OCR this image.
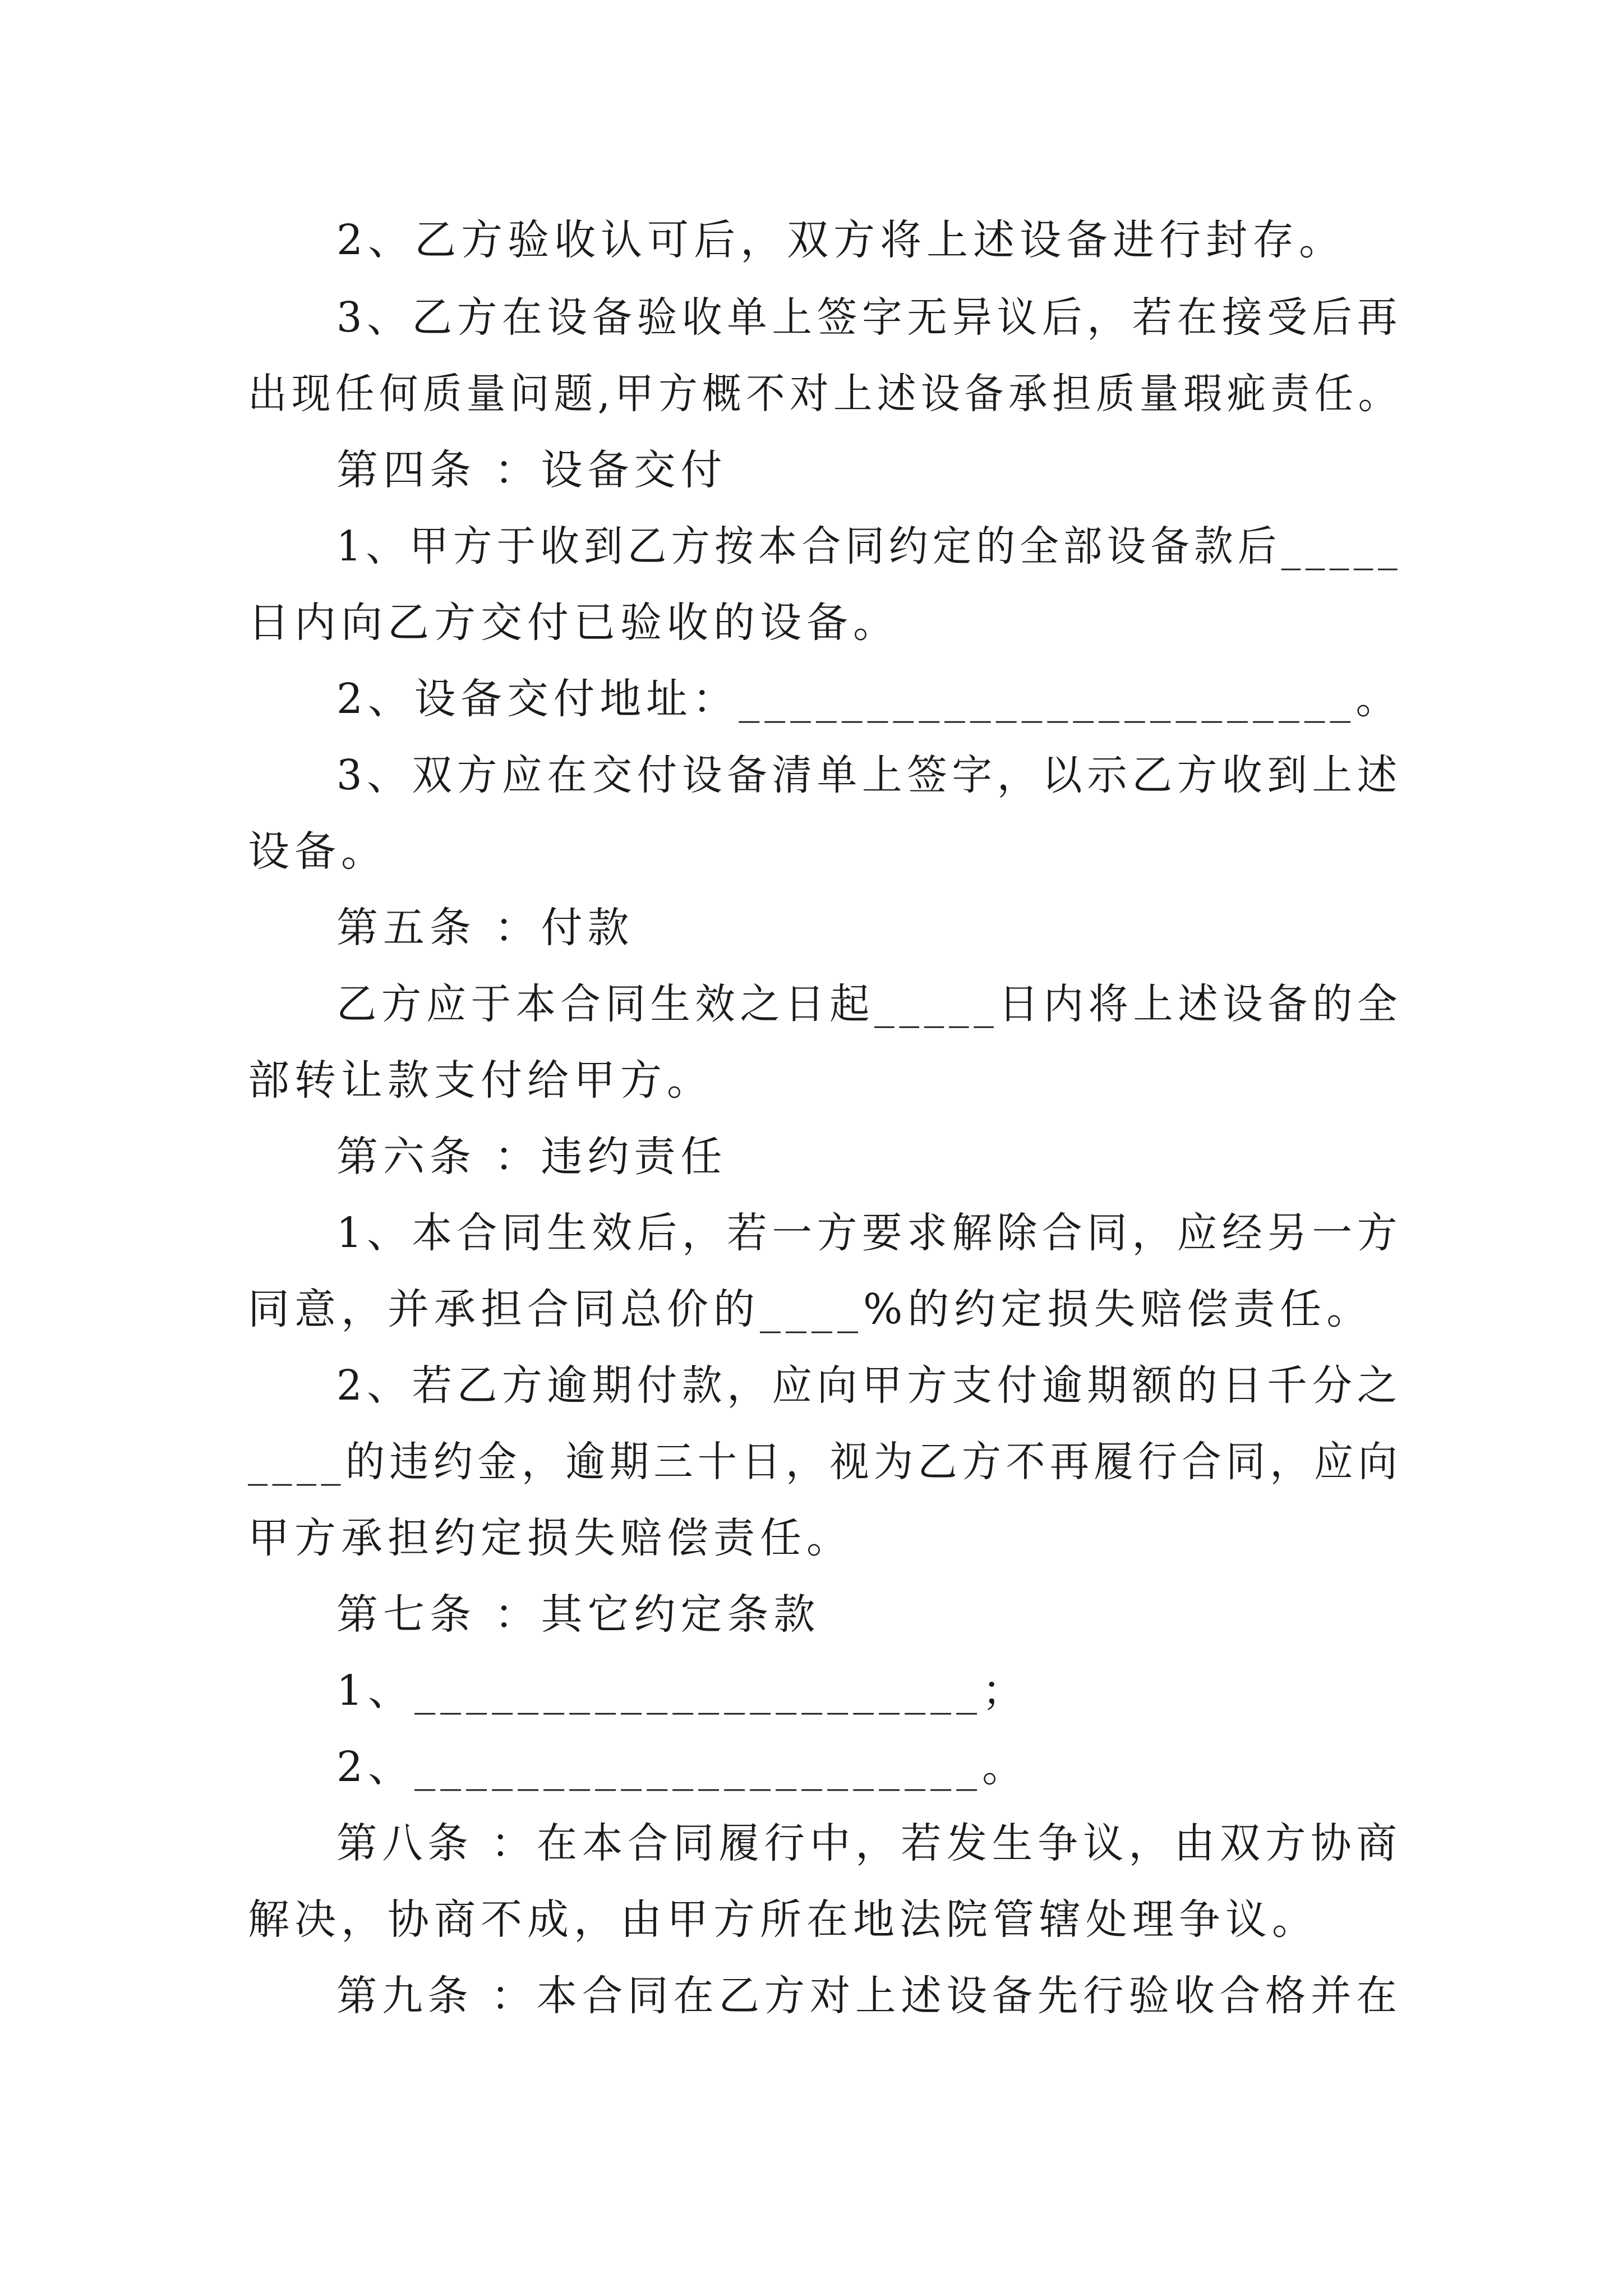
2、乙方验收认可后，双方将上述设备进行封存。
3、乙方在设备验收单上签字无异议后，若在接受后再
出现任何质量问题,甲方概不对上述设备承担质量瑕疵责任。
第四条 ：设备交付
1、甲方于收到乙方按本合同约定的全部设备款后_____
日内向乙方交付已验收的设备。
2、设备交付地址：________________________。
3、双方应在交付设备清单上签字，以示乙方收到上述
设备。
第五条 ：付款
乙方应于本合同生效之日起_____日内将上述设备的全
部转让款支付给甲方。
第六条 ：违约责任
1、本合同生效后，若一方要求解除合同，应经另一方
同意，并承担合同总价的____%的约定损失赔偿责任。
2、若乙方逾期付款，应向甲方支付逾期额的日千分之
____的违约金，逾期三十日，视为乙方不再履行合同，应向
甲方承担约定损失赔偿责任。
第七条 ：其它约定条款
1、______________________；
2、______________________。
第八条 ：在本合同履行中，若发生争议，由双方协商
解决，协商不成，由甲方所在地法院管辖处理争议。
第九条 ：本合同在乙方对上述设备先行验收合格并在
